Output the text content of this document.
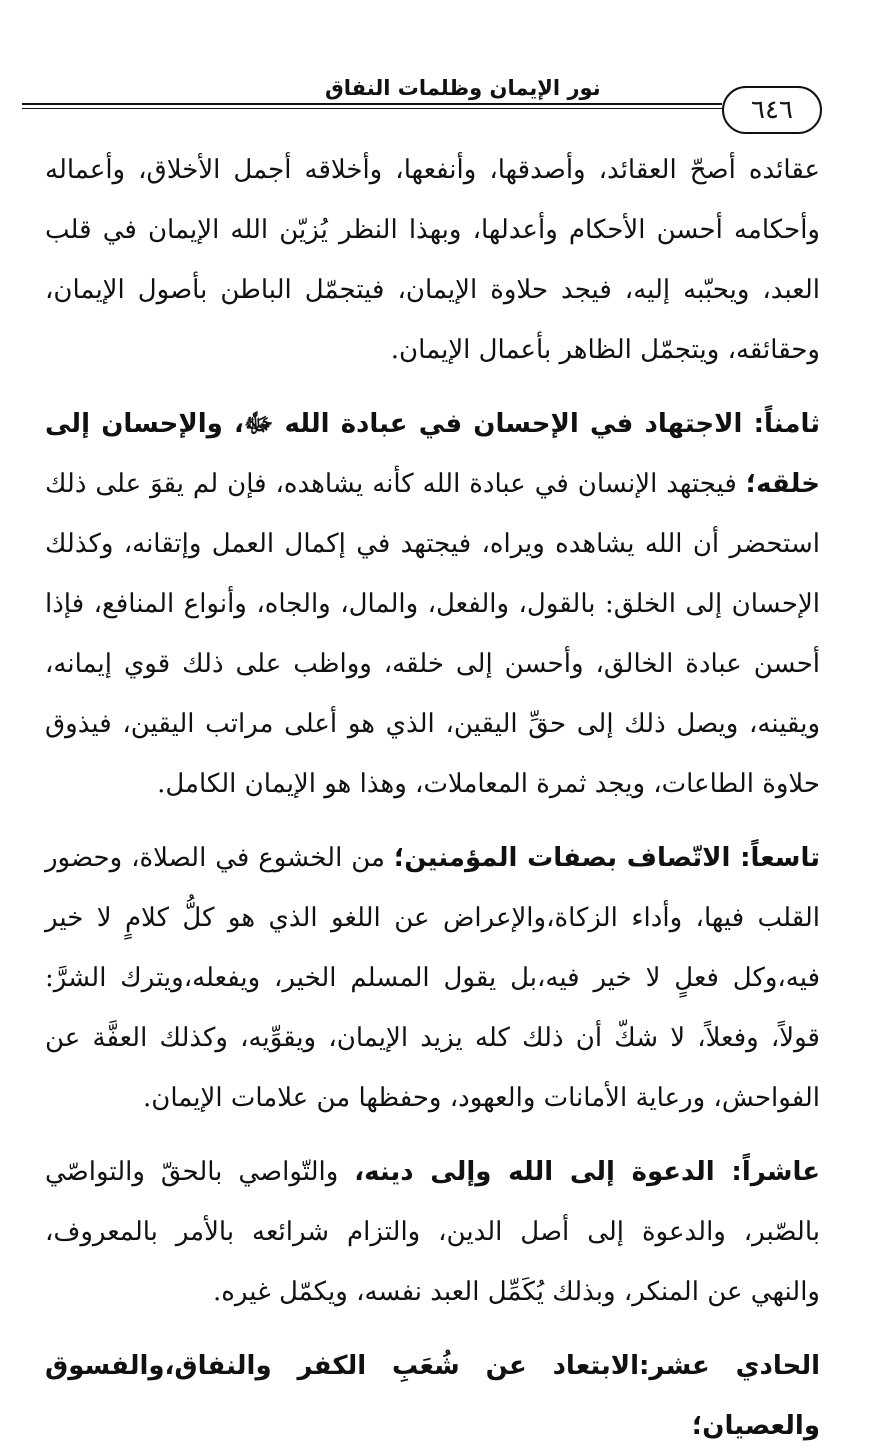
نور الإيمان وظلمات النفاق
٦٤٦

عقائده أصحّ العقائد، وأصدقها، وأنفعها، وأخلاقه أجمل الأخلاق، وأعماله وأحكامه أحسن الأحكام وأعدلها، وبهذا النظر يُزيّن الله الإيمان في قلب العبد، ويحبّبه إليه، فيجد حلاوة الإيمان، فيتجمّل الباطن بأصول الإيمان، وحقائقه، ويتجمّل الظاهر بأعمال الإيمان.

ثامناً: الاجتهاد في الإحسان في عبادة الله ﷻ، والإحسان إلى خلقه؛ فيجتهد الإنسان في عبادة الله كأنه يشاهده، فإن لم يقوَ على ذلك استحضر أن الله يشاهده ويراه، فيجتهد في إكمال العمل وإتقانه، وكذلك الإحسان إلى الخلق: بالقول، والفعل، والمال، والجاه، وأنواع المنافع، فإذا أحسن عبادة الخالق، وأحسن إلى خلقه، وواظب على ذلك قوي إيمانه، ويقينه، ويصل ذلك إلى حقِّ اليقين، الذي هو أعلى مراتب اليقين، فيذوق حلاوة الطاعات، ويجد ثمرة المعاملات، وهذا هو الإيمان الكامل.

تاسعاً: الاتّصاف بصفات المؤمنين؛ من الخشوع في الصلاة، وحضور القلب فيها، وأداء الزكاة،والإعراض عن اللغو الذي هو كلُّ كلامٍ لا خير فيه،وكل فعلٍ لا خير فيه،بل يقول المسلم الخير، ويفعله،ويترك الشرَّ: قولاً، وفعلاً، لا شكّ أن ذلك كله يزيد الإيمان، ويقوِّيه، وكذلك العفَّة عن الفواحش، ورعاية الأمانات والعهود، وحفظها من علامات الإيمان.

عاشراً: الدعوة إلى الله وإلى دينه، والتّواصي بالحقّ والتواصّي بالصّبر، والدعوة إلى أصل الدين، والتزام شرائعه بالأمر بالمعروف، والنهي عن المنكر، وبذلك يُكَمِّل العبد نفسه، ويكمّل غيره.

الحادي عشر:الابتعاد عن شُعَبِ الكفر والنفاق،والفسوق والعصيان؛
